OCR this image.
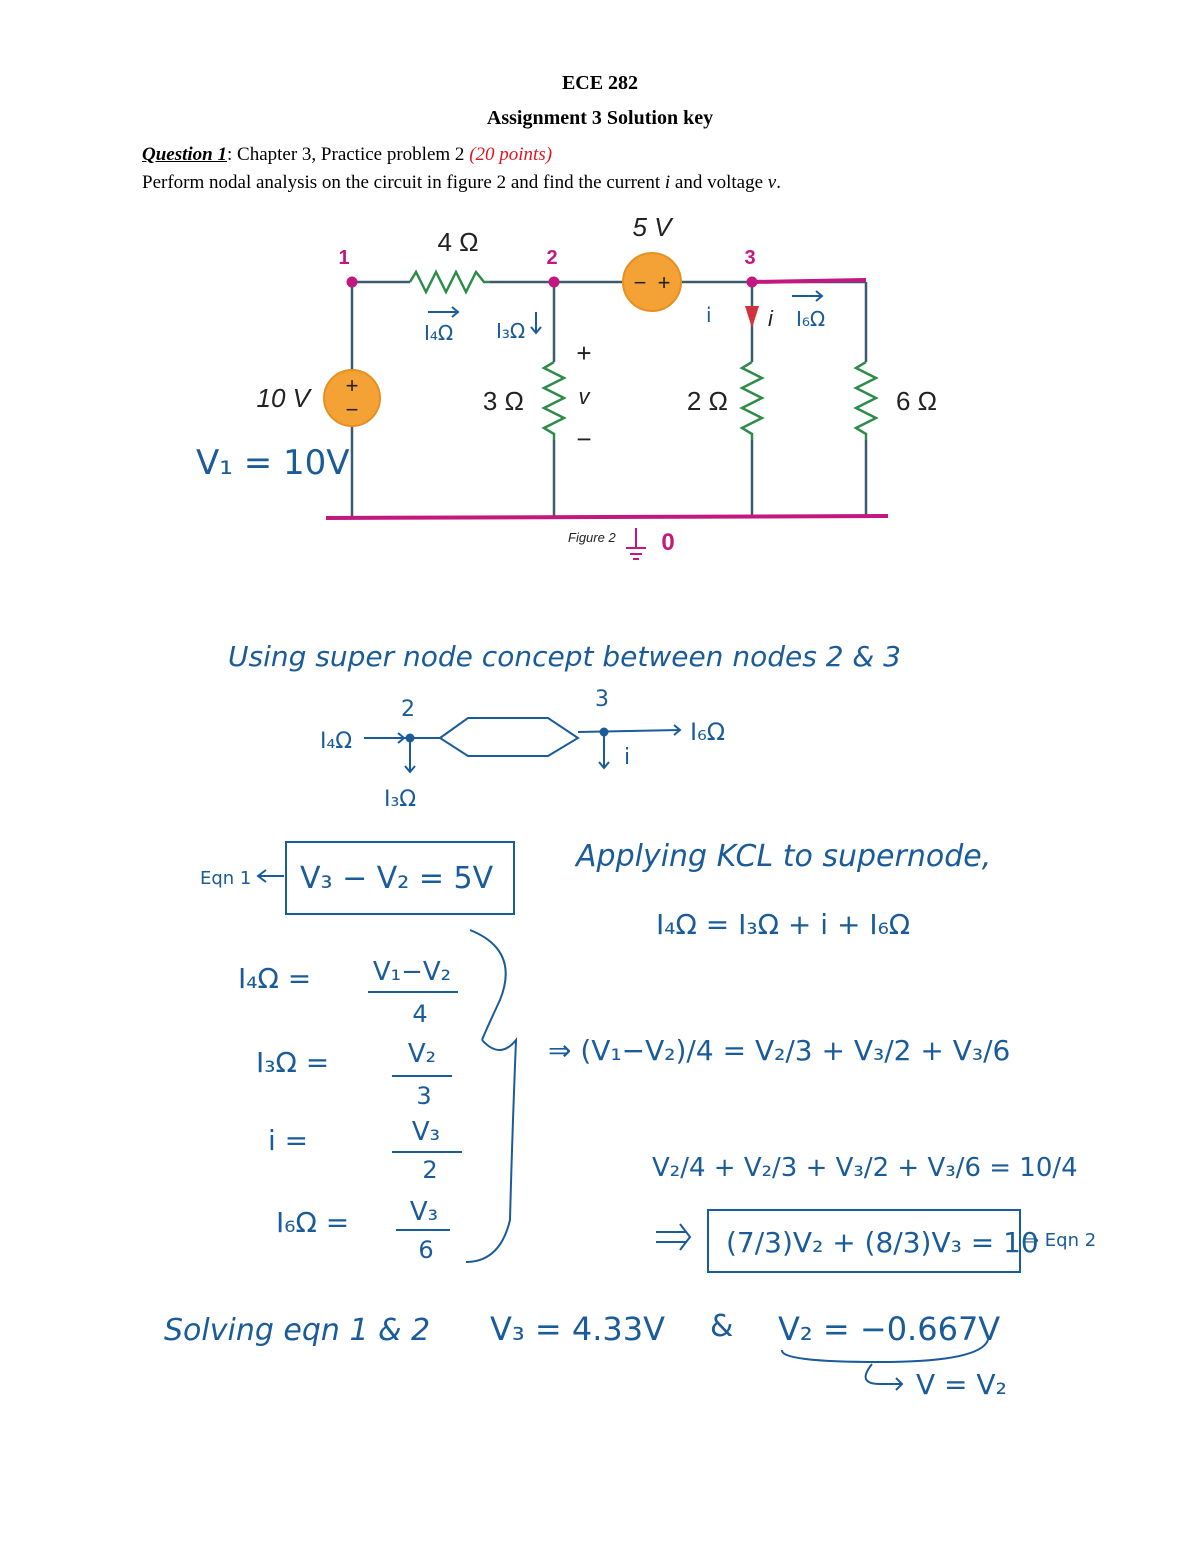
ECE 282
Assignment 3 Solution key
Question 1: Chapter 3, Practice problem 2 (20 points)
Perform nodal analysis on the circuit in figure 2 and find the current i and voltage v.
+
−
− +
4 Ω	5 V
10 V	3 Ω	2 Ω	6 Ω
+
v
−
i
Figure 2 0
1	2	3
V₁ = 10V
I₄Ω I₃Ω
i	I₆Ω
Using super node concept between nodes 2 & 3
I₄Ω
2	3
I₃Ω
i
I₆Ω
Eqn 1 V₃ − V₂ = 5V
Applying KCL to supernode,
I₄Ω = I₃Ω + i + I₆Ω
I₄Ω = V₁−V₂
4
I₃Ω =	V₂
3
i =	V₃
2
I₆Ω = V₃
6
⇒ (V₁−V₂)/4 = V₂/3 + V₃/2 + V₃/6
V₂/4 + V₂/3 + V₃/2 + V₃/6 = 10/4
(7/3)V₂ + (8/3)V₃ = 10
⇒ Eqn 2
Solving eqn 1 & 2 V₃ = 4.33V & V₂ = −0.667V
V = V₂
